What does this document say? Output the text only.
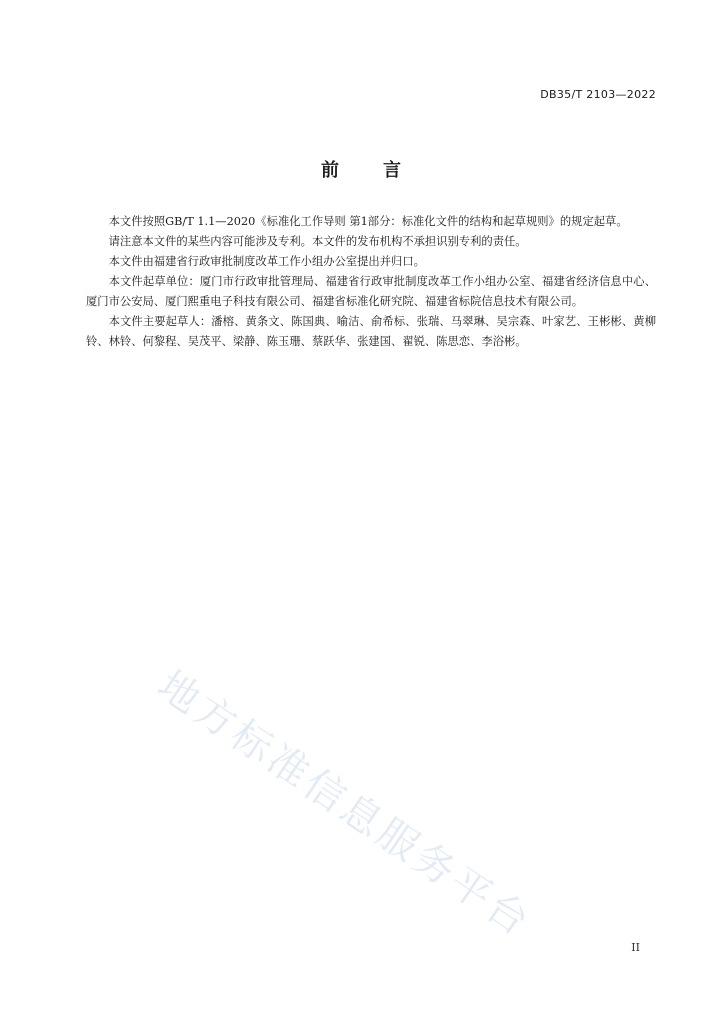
DB35/T 2103—2022
前 言

本文件按照GB/T 1.1—2020《标准化工作导则 第1部分：标准化文件的结构和起草规则》的规定起草。

请注意本文件的某些内容可能涉及专利。本文件的发布机构不承担识别专利的责任。

本文件由福建省行政审批制度改革工作小组办公室提出并归口。

本文件起草单位：厦门市行政审批管理局、福建省行政审批制度改革工作小组办公室、福建省经济信息中心、厦门市公安局、厦门熙重电子科技有限公司、福建省标准化研究院、福建省标院信息技术有限公司。

本文件主要起草人：潘榕、黄条文、陈国典、喻洁、俞希标、张瑞、马翠琳、吴宗森、叶家艺、王彬彬、黄柳铃、林铃、何黎程、吴茂平、梁静、陈玉珊、蔡跃华、张建国、翟锐、陈思恋、李浴彬。

地方标准信息服务平台
II
